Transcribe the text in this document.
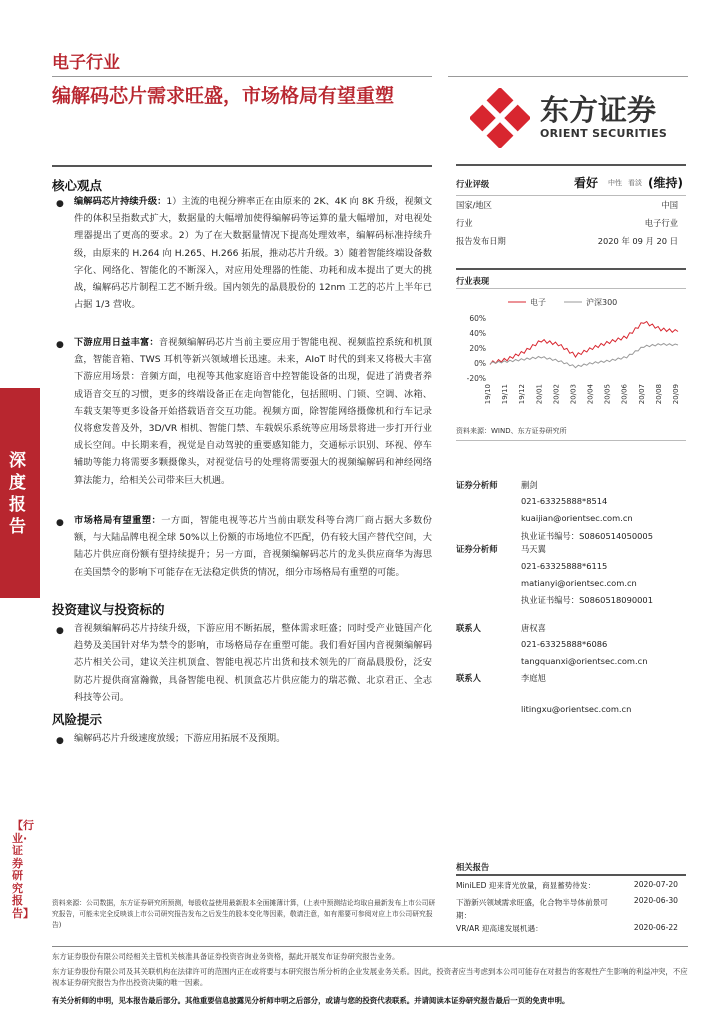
深度报告
【行业·证券研究报告】
电子行业
编解码芯片需求旺盛，市场格局有望重塑	东方证券
ORIENT SECURITIES
核心观点
● 编解码芯片持续升级：1）主流的电视分辨率正在由原来的 2K、4K 向 8K 升级，视频文件的体积呈指数式扩大，数据量的大幅增加使得编解码等运算的量大幅增加，对电视处理器提出了更高的要求。2）为了在大数据量情况下提高处理效率，编解码标准持续升级，由原来的 H.264 向 H.265、H.266 拓展，推动芯片升级。3）随着智能终端设备数字化、网络化、智能化的不断深入，对应用处理器的性能、功耗和成本提出了更大的挑战，编解码芯片制程工艺不断升级。国内领先的晶晨股份的 12nm 工艺的芯片上半年已占据 1/3 营收。
● 下游应用日益丰富：音视频编解码芯片当前主要应用于智能电视、视频监控系统和机顶盒，智能音箱、TWS 耳机等新兴领域增长迅速。未来，AIoT 时代的到来又将极大丰富下游应用场景：音频方面，电视等其他家庭语音中控智能设备的出现，促进了消费者养成语音交互的习惯，更多的终端设备正在走向智能化，包括照明、门锁、空调、冰箱、车载支架等更多设备开始搭载语音交互功能。视频方面，除智能网络摄像机和行车记录仪将愈发普及外，3D/VR 相机、智能门禁、车载娱乐系统等应用场景将进一步打开行业成长空间。中长期来看，视觉是自动驾驶的重要感知能力，交通标示识别、环视、停车辅助等能力将需要多颗摄像头，对视觉信号的处理将需要强大的视频编解码和神经网络算法能力，给相关公司带来巨大机遇。
● 市场格局有望重塑：一方面，智能电视等芯片当前由联发科等台湾厂商占据大多数份额，与大陆品牌电视全球 50%以上份额的市场地位不匹配，仍有较大国产替代空间，大陆芯片供应商份额有望持续提升；另一方面，音视频编解码芯片的龙头供应商华为海思在美国禁令的影响下可能存在无法稳定供货的情况，细分市场格局有重塑的可能。
投资建议与投资标的
● 音视频编解码芯片持续升级，下游应用不断拓展，整体需求旺盛；同时受产业链国产化趋势及美国针对华为禁令的影响，市场格局存在重塑可能。我们看好国内音视频编解码芯片相关公司，建议关注机顶盒、智能电视芯片出货和技术领先的厂商晶晨股份，泛安防芯片提供商富瀚微，具备智能电视、机顶盒芯片供应能力的瑞芯微、北京君正、全志科技等公司。
风险提示
● 编解码芯片升级速度放缓；下游应用拓展不及预期。
行业评级	看好 中性 看淡 (维持)
国家/地区	中国
行业	电子行业
报告发布日期	2020 年 09 月 20 日
行业表现
电子	沪深300
60%
40%
20%
0%
-20%
19/10 19/11 19/12 20/01 20/02 20/03 20/04 20/05 20/06 20/07 20/08 20/09
资料来源：WIND、东方证券研究所
证券分析师	蒯剑
021-63325888*8514
kuaijian@orientsec.com.cn
执业证书编号：S0860514050005
证券分析师	马天翼
021-63325888*6115
matianyi@orientsec.com.cn
执业证书编号：S0860518090001
联系人	唐权喜
021-63325888*6086
tangquanxi@orientsec.com.cn
联系人	李庭旭
litingxu@orientsec.com.cn
相关报告
MiniLED 迎来背光放量，商显蓄势待发：	2020-07-20
下游新兴领域需求旺盛，化合物半导体前景可期：
2020-06-30
VR/AR 迎高速发展机遇：	2020-06-22
资料来源：公司数据，东方证券研究所预测，每股收益使用最新股本全面摊薄计算，(上表中预测结论均取自最新发布上市公司研究报告，可能未完全反映该上市公司研究报告发布之后发生的股本变化等因素，敬请注意，如有需要可参阅对应上市公司研究报告)
东方证券股份有限公司经相关主管机关核准具备证券投资咨询业务资格，据此开展发布证券研究报告业务。
东方证券股份有限公司及其关联机构在法律许可的范围内正在或将要与本研究报告所分析的企业发展业务关系。因此，投资者应当考虑到本公司可能存在对报告的客观性产生影响的利益冲突，不应视本证券研究报告为作出投资决策的唯一因素。
有关分析师的申明，见本报告最后部分。其他重要信息披露见分析师申明之后部分，或请与您的投资代表联系。并请阅读本证券研究报告最后一页的免责申明。
